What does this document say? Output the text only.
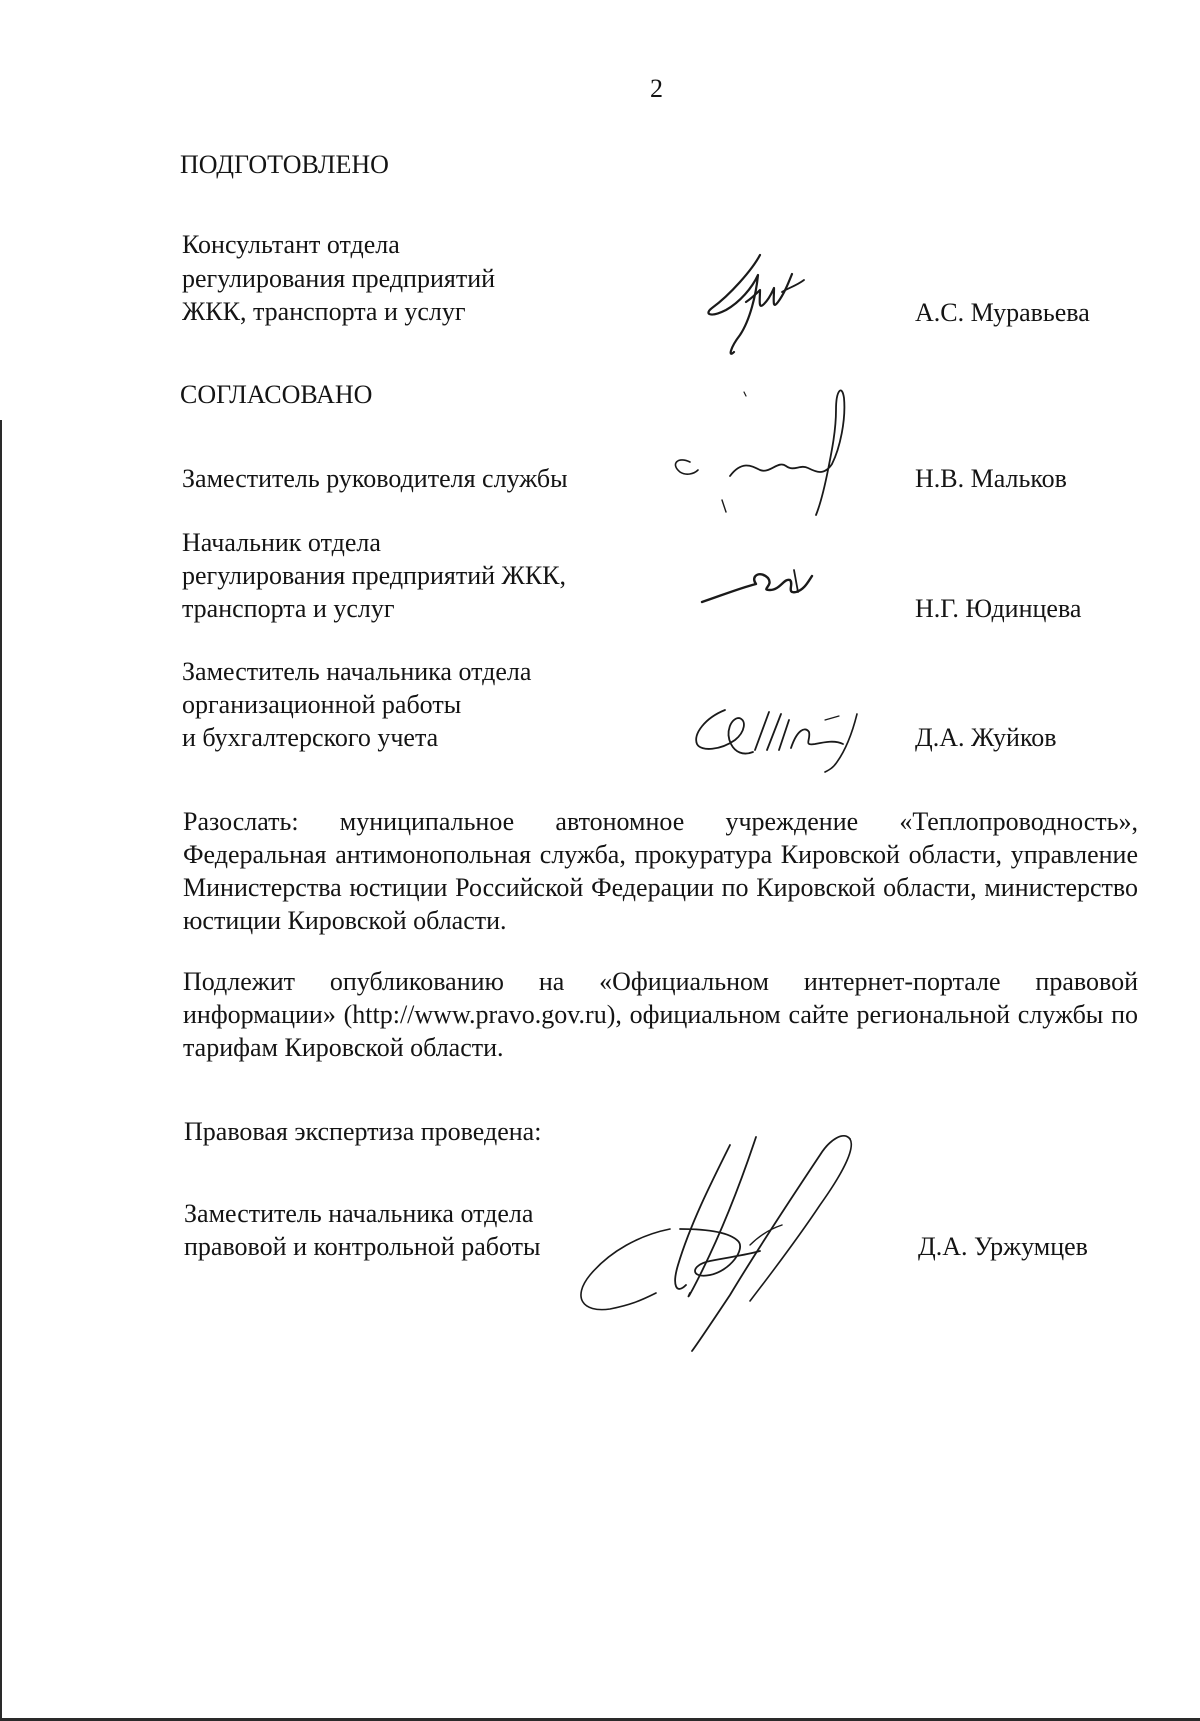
2
ПОДГОТОВЛЕНО
Консультант отдела
регулирования предприятий
ЖКК, транспорта и услуг	А.С. Муравьева
СОГЛАСОВАНО
Заместитель руководителя службы	Н.В. Мальков
Начальник отдела
регулирования предприятий ЖКК,
транспорта и услуг	Н.Г. Юдинцева
Заместитель начальника отдела
организационной работы
и бухгалтерского учета	Д.А. Жуйков

Разослать: муниципальное автономное учреждение «Теплопроводность», Федеральная антимонопольная служба, прокуратура Кировской области, управление Министерства юстиции Российской Федерации по Кировской области, министерство юстиции Кировской области.

Подлежит опубликованию на «Официальном интернет-портале правовой информации» (http://www.pravo.gov.ru), официальном сайте региональной службы по тарифам Кировской области.

Правовая экспертиза проведена:
Заместитель начальника отдела
правовой и контрольной работы	Д.А. Уржумцев
